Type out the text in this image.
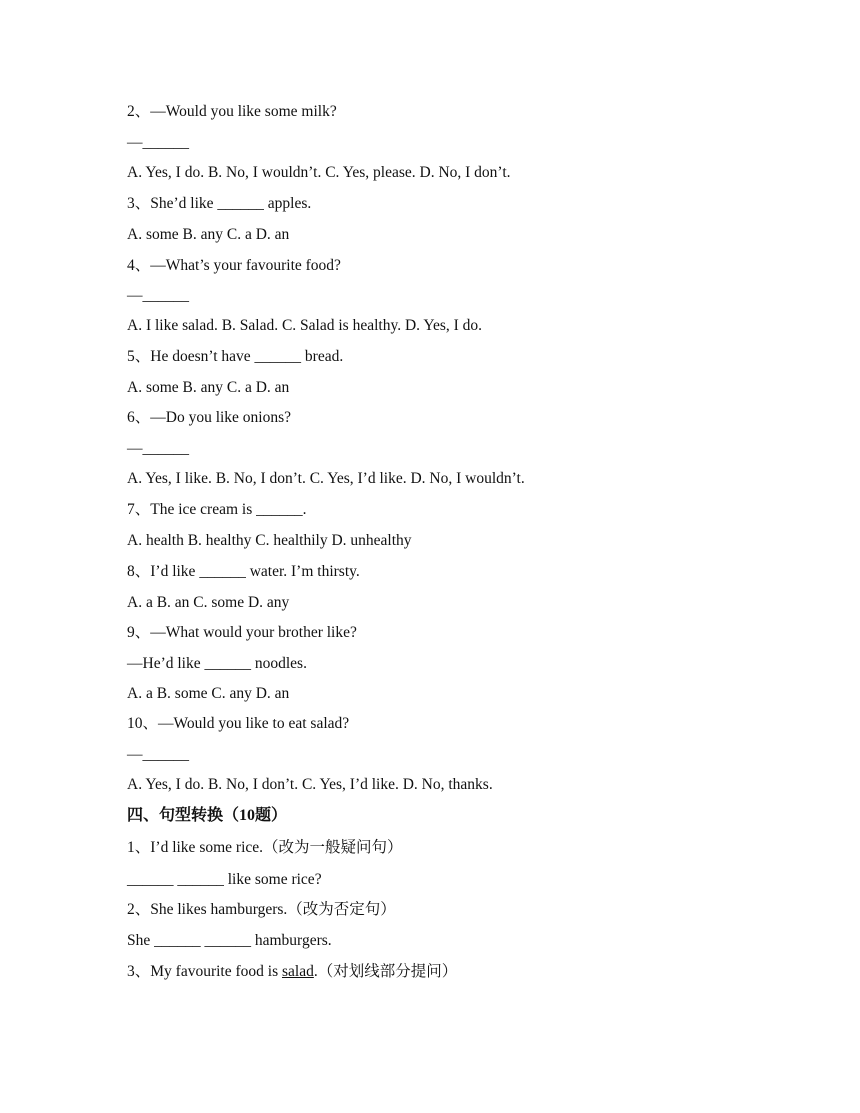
2、—Would you like some milk?
—______
A. Yes, I do. B. No, I wouldn’t. C. Yes, please. D. No, I don’t.
3、She’d like ______ apples.
A. some B. any C. a D. an
4、—What’s your favourite food?
—______
A. I like salad. B. Salad. C. Salad is healthy. D. Yes, I do.
5、He doesn’t have ______ bread.
A. some B. any C. a D. an
6、—Do you like onions?
—______
A. Yes, I like. B. No, I don’t. C. Yes, I’d like. D. No, I wouldn’t.
7、The ice cream is ______.
A. health B. healthy C. healthily D. unhealthy
8、I’d like ______ water. I’m thirsty.
A. a B. an C. some D. any
9、—What would your brother like?
—He’d like ______ noodles.
A. a B. some C. any D. an
10、—Would you like to eat salad?
—______
A. Yes, I do. B. No, I don’t. C. Yes, I’d like. D. No, thanks.
四、句型转换（10题）
1、I’d like some rice.（改为一般疑问句）
______ ______ like some rice?
2、She likes hamburgers.（改为否定句）
She ______ ______ hamburgers.
3、My favourite food is salad.（对划线部分提问）
